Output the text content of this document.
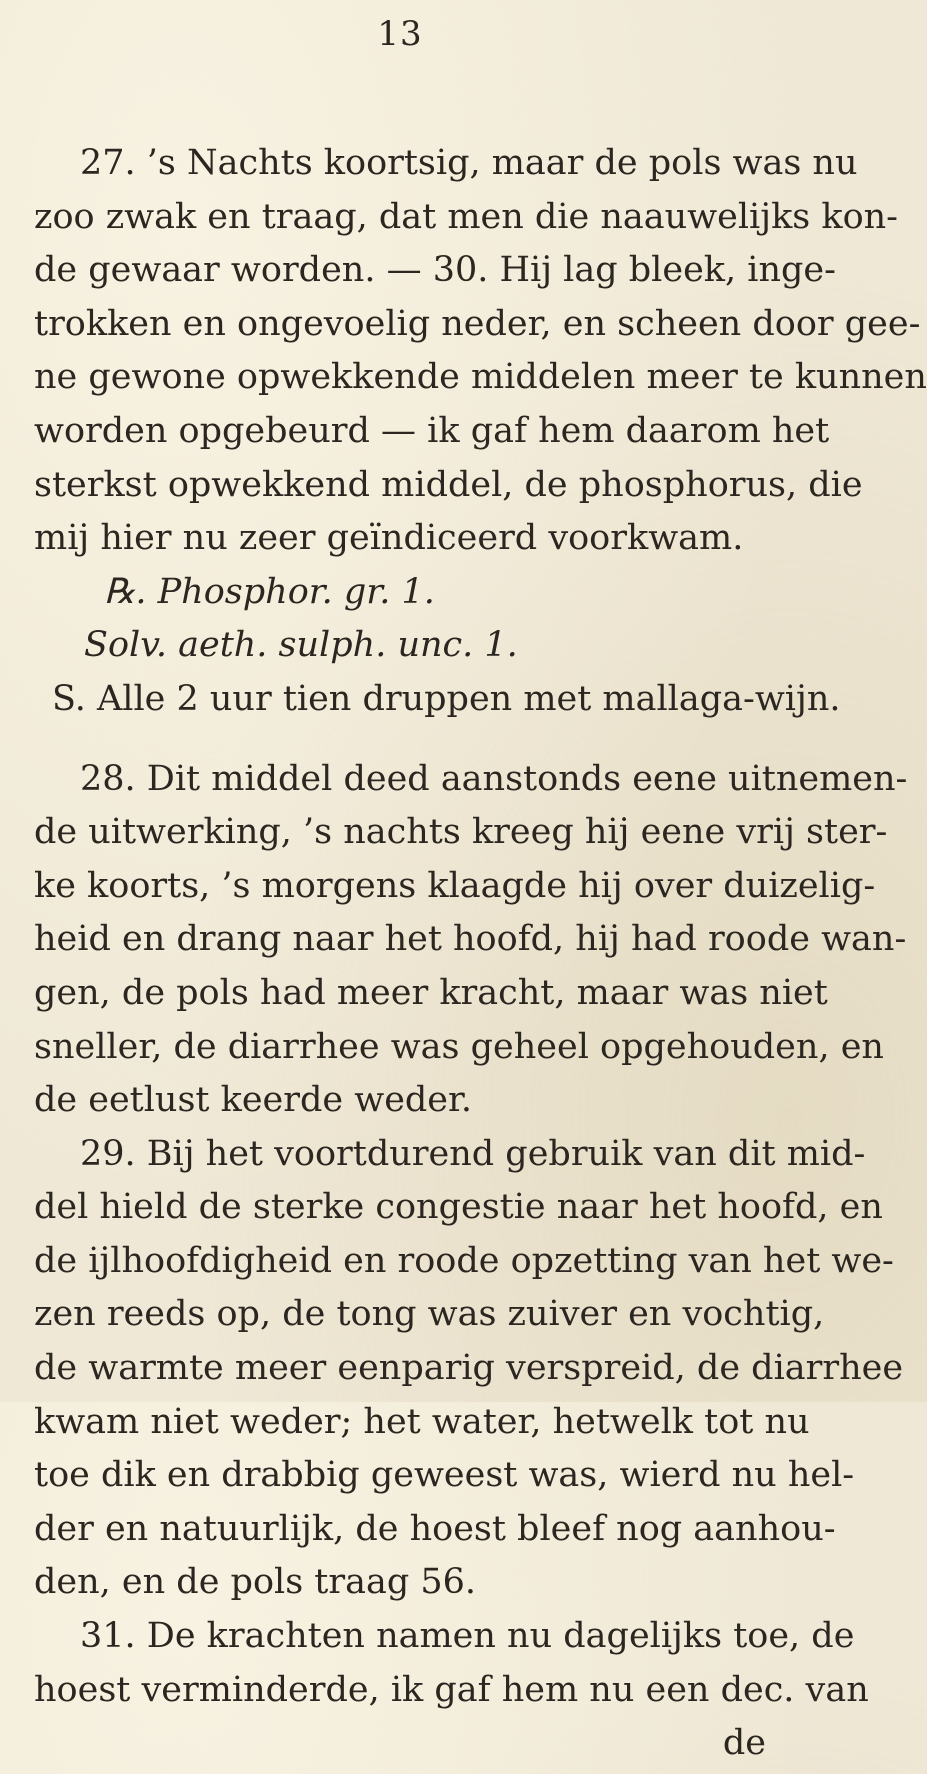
13
27. ’s Nachts koortsig, maar de pols was nu
zoo zwak en traag, dat men die naauwelijks kon-
de gewaar worden. — 30. Hij lag bleek, inge-
trokken en ongevoelig neder, en scheen door gee-
ne gewone opwekkende middelen meer te kunnen
worden opgebeurd — ik gaf hem daarom het
sterkst opwekkend middel, de phosphorus, die
mij hier nu zeer geïndiceerd voorkwam.
℞. Phosphor. gr. 1.
Solv. aeth. sulph. unc. 1.
S. Alle 2 uur tien druppen met mallaga-wijn.
28. Dit middel deed aanstonds eene uitnemen-
de uitwerking, ’s nachts kreeg hij eene vrij ster-
ke koorts, ’s morgens klaagde hij over duizelig-
heid en drang naar het hoofd, hij had roode wan-
gen, de pols had meer kracht, maar was niet
sneller, de diarrhee was geheel opgehouden, en
de eetlust keerde weder.
29. Bij het voortdurend gebruik van dit mid-
del hield de sterke congestie naar het hoofd, en
de ijlhoofdigheid en roode opzetting van het we-
zen reeds op, de tong was zuiver en vochtig,
de warmte meer eenparig verspreid, de diarrhee
kwam niet weder; het water, hetwelk tot nu
toe dik en drabbig geweest was, wierd nu hel-
der en natuurlijk, de hoest bleef nog aanhou-
den, en de pols traag 56.
31. De krachten namen nu dagelijks toe, de
hoest verminderde, ik gaf hem nu een dec. van
de
